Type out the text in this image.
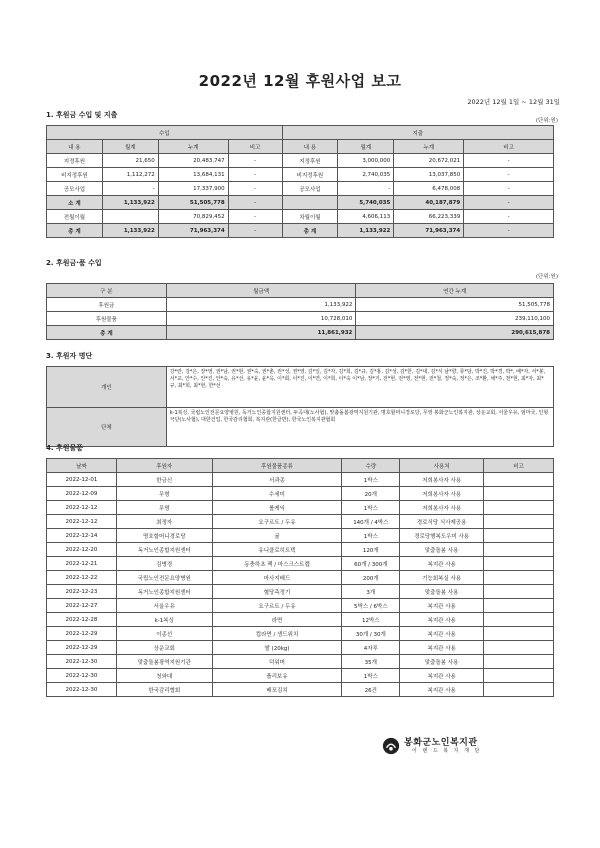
2022년 12월 후원사업 보고
2022년 12월 1일 ~ 12월 31일
1. 후원금 수입 및 지출
(단위:원)
수입				지출			
내 용	월계	누계	비고	내 용	월계	누계	비고
지정후원	21,650	20,483,747	-	지정후원	3,000,000	20,672,021	-
비지정후원	1,112,272	13,684,131	-	비지정후원	2,740,035	13,037,850	-
공모사업	-	17,337,900	-	공모사업	-	6,478,008	-
소 계	1,133,922	51,505,778	-		5,740,035	40,187,879	-
전월이월		70,829,452	-	차월이월	4,606,113	66,223,339	-
총 계	1,133,922	71,963,374	-	총 계	1,133,922	71,963,374	-
2. 후원금·품 수입
(단위:원)
구 분	월금액	연간 누계
후원금	1,133,922	51,505,778
후원물품	10,728,010	239,110,100
총 계	11,861,932	290,615,878
3. 후원자 명단
개인	강*란, 강*은, 장*영, 권*남, 권*현, 권*숙, 권*춘, 권*성, 권*영, 김*일, 김*자, 김*희, 김*규, 김*홍, 김*성, 김*한, 김*대, 김*식 남*향, 류*담, 박*진, 박*경, 박*, 배*자, 서*봉, 서*교, 안*수, 안*진, 안*숙, 유*선, 유*윤, 윤*옥, 이*회, 이*진, 이*연, 이*희, 이*숙 이*남, 장*기, 전*현, 전*영, 전*현, 전*철, 정*숙, 정*은, 조*환, 채*주, 천*현, 최*자, 최*규, 최*희, 최*현, 한*선
단체	k-1복싱, 국립노인전문요양병원, 독거노인종합지원센터, 두곡대(노사협), 맞춤돌봄광역지원기관, 명호할머니경로당, 무영 봉화군노인복지관, 상운교회, 서울우유, 엄마국, 인형극단(노사협), 대한건업, 한국감리협회, 복지관(한글반), 한국노인복지관협회
4. 후원물품
날짜	후원자	후원물품종류	수량	사용처	비고
2022-12-01	한금신	서과종	1박스	저희봉사자 사용	
2022-12-09	무형	수세미	20개	저희봉사자 사용	
2022-12-12	무명	롤케익	1박스	저희봉사자 사용	
2022-12-12	최정자	요구르트 / 두유	140개 / 4박스	경로식당 식사제공용	
2022-12-14	명호할머니경로당	귤	1박스	경로당행복도우미 사용	
2022-12-20	독거노인종합지원센터	유니클로히트텍	120개	맞춤돌봄 사용	
2022-12-21	김병경	동충하초 팩 / 마스크스트랩	60개 / 300개	복지관 사용	
2022-12-22	국립노인전문요양병원	마사지배드	200개	기능회복실 사용	
2022-12-23	독거노인종합지원센터	혈당측정기	3개	맞춤돌봄 사용	
2022-12-27	서울우유	요구르트 / 두유	5박스 / 6박스	복지관 사용	
2022-12-28	k-1복싱	라면	12박스	복지관 사용	
2022-12-29	이종선	컵라면 / 생드위치	30개 / 30개	복지관 사용	
2022-12-29	상운교회	쌀 (20kg)	4자루	복지관 사용	
2022-12-30	맞춤돌봄광역지원기관	덕워머	35개	맞춤돌봄 사용	
2022-12-30	청와대	플리보유	1박스	복지관 사용	
2022-12-30	한국감리협회	배포김치	26건	복지관 사용	
봉화군노인복지관
이 랜 드 복 지 재 단
